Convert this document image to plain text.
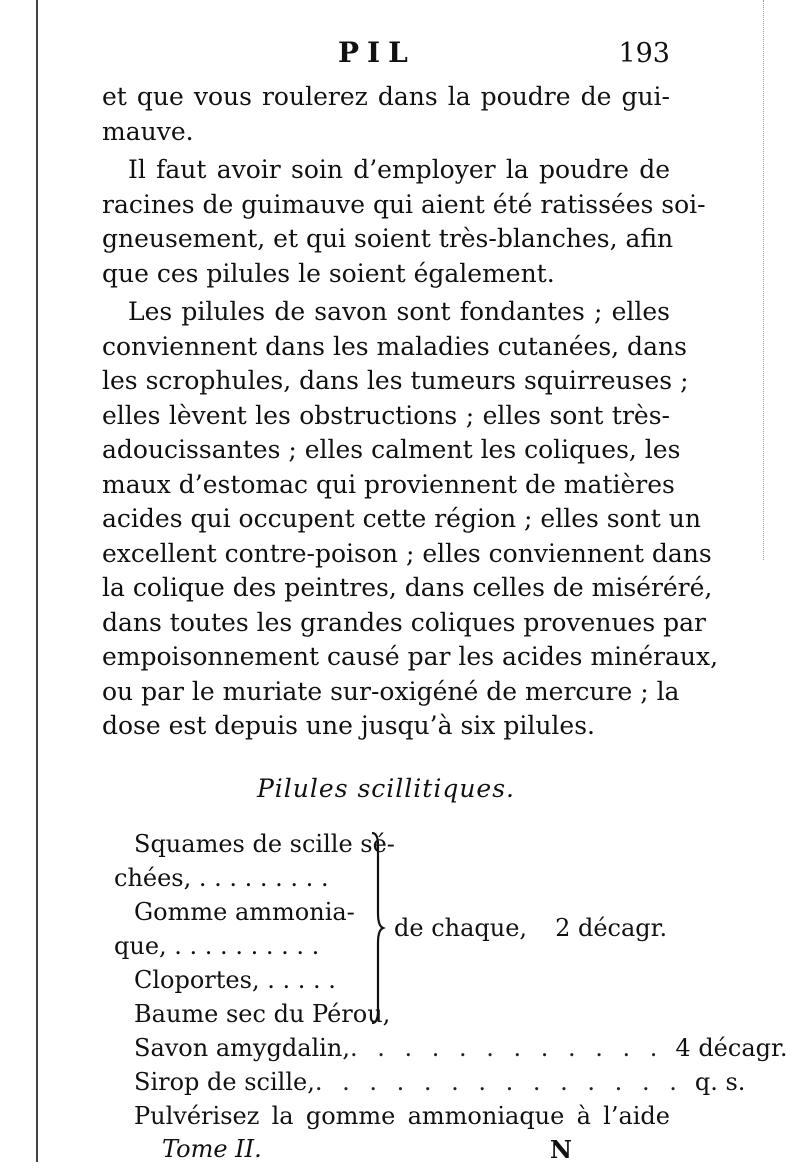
PIL	193

et que vous roulerez dans la poudre de gui-
mauve.

Il faut avoir soin d’employer la poudre de
racines de guimauve qui aient été ratissées soi-
gneusement, et qui soient très-blanches, afin
que ces pilules le soient également.

Les pilules de savon sont fondantes ; elles
conviennent dans les maladies cutanées, dans
les scrophules, dans les tumeurs squirreuses ;
elles lèvent les obstructions ; elles sont très-
adoucissantes ; elles calment les coliques, les
maux d’estomac qui proviennent de matières
acides qui occupent cette région ; elles sont un
excellent contre-poison ; elles conviennent dans
la colique des peintres, dans celles de miséréré,
dans toutes les grandes coliques provenues par
empoisonnement causé par les acides minéraux,
ou par le muriate sur-oxigéné de mercure ; la
dose est depuis une jusqu’à six pilules.

Pilules scillitiques.
Squames de scille sé-
chées, . . . . . . . . .
Gomme ammonia-
que, . . . . . . . . . .
Cloportes, . . . . .
Baume sec du Pérou,
de chaque, 2 décagr.
Savon amygdalin, . . . . . . . . . . . . 4 décagr.
Sirop de scille, . . . . . . . . . . . . . . q. s.
Pulvérisez la gomme ammoniaque à l’aide
Tome II.	N
